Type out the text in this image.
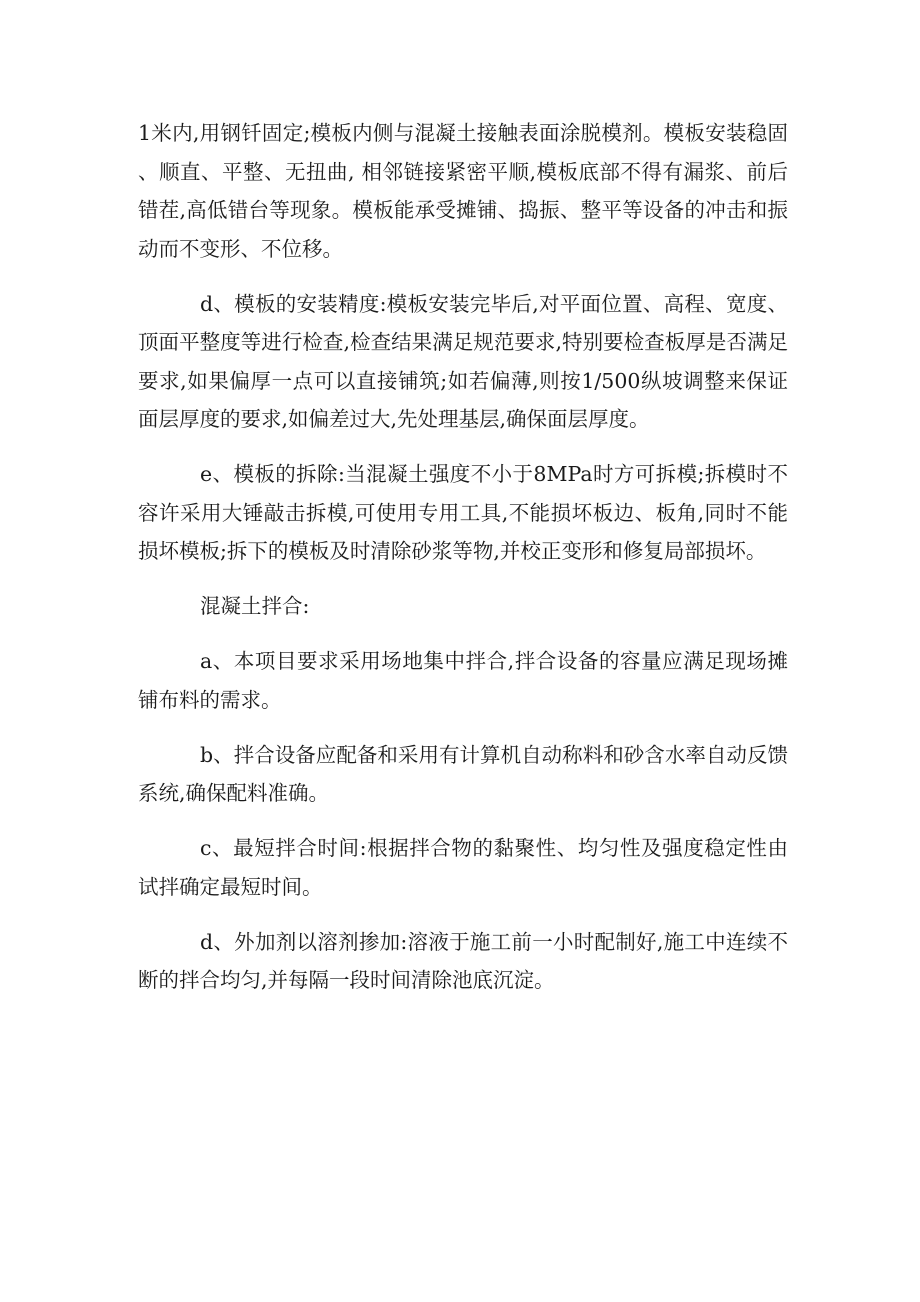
1米内,用钢钎固定;模板内侧与混凝土接触表面涂脱模剂。模板安装稳固、顺直、平整、无扭曲, 相邻链接紧密平顺,模板底部不得有漏浆、前后错茬,高低错台等现象。模板能承受摊铺、捣振、整平等设备的冲击和振动而不变形、不位移。

d、模板的安装精度:模板安装完毕后,对平面位置、高程、宽度、顶面平整度等进行检查,检查结果满足规范要求,特别要检查板厚是否满足要求,如果偏厚一点可以直接铺筑;如若偏薄,则按1/500纵坡调整来保证面层厚度的要求,如偏差过大,先处理基层,确保面层厚度。

e、模板的拆除:当混凝土强度不小于8MPa时方可拆模;拆模时不容许采用大锤敲击拆模,可使用专用工具,不能损坏板边、板角,同时不能损坏模板;拆下的模板及时清除砂浆等物,并校正变形和修复局部损坏。

混凝土拌合:

a、本项目要求采用场地集中拌合,拌合设备的容量应满足现场摊铺布料的需求。

b、拌合设备应配备和采用有计算机自动称料和砂含水率自动反馈系统,确保配料准确。

c、最短拌合时间:根据拌合物的黏聚性、均匀性及强度稳定性由试拌确定最短时间。

d、外加剂以溶剂掺加:溶液于施工前一小时配制好,施工中连续不断的拌合均匀,并每隔一段时间清除池底沉淀。
